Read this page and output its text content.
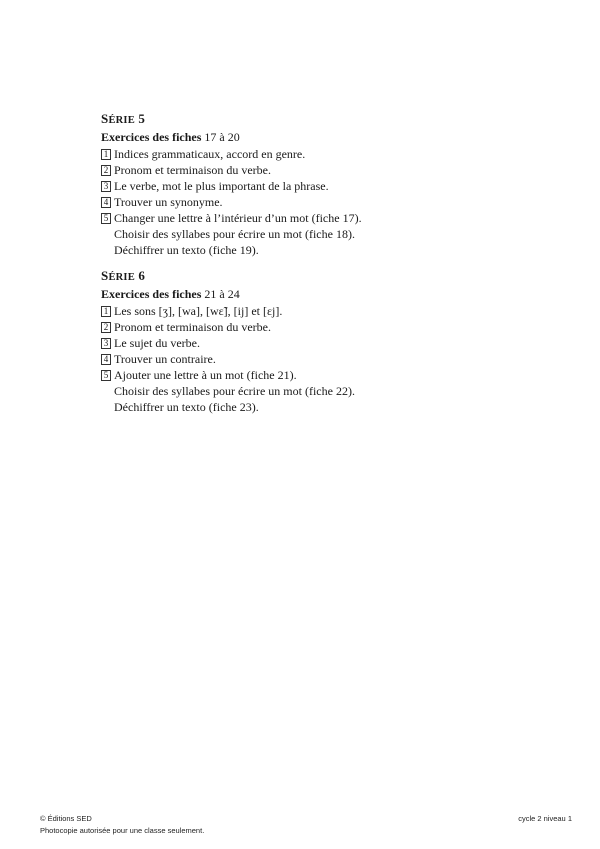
SÉRIE 5
Exercices des fiches 17 à 20
1 Indices grammaticaux, accord en genre.
2 Pronom et terminaison du verbe.
3 Le verbe, mot le plus important de la phrase.
4 Trouver un synonyme.
5 Changer une lettre à l’intérieur d’un mot (fiche 17).
Choisir des syllabes pour écrire un mot (fiche 18).
Déchiffrer un texto (fiche 19).
SÉRIE 6
Exercices des fiches 21 à 24
1 Les sons [ʒ], [wa], [wɛ̃], [ij] et [ɛj].
2 Pronom et terminaison du verbe.
3 Le sujet du verbe.
4 Trouver un contraire.
5 Ajouter une lettre à un mot (fiche 21).
Choisir des syllabes pour écrire un mot (fiche 22).
Déchiffrer un texto (fiche 23).
© Éditions SED	cycle 2 niveau 1
Photocopie autorisée pour une classe seulement.
